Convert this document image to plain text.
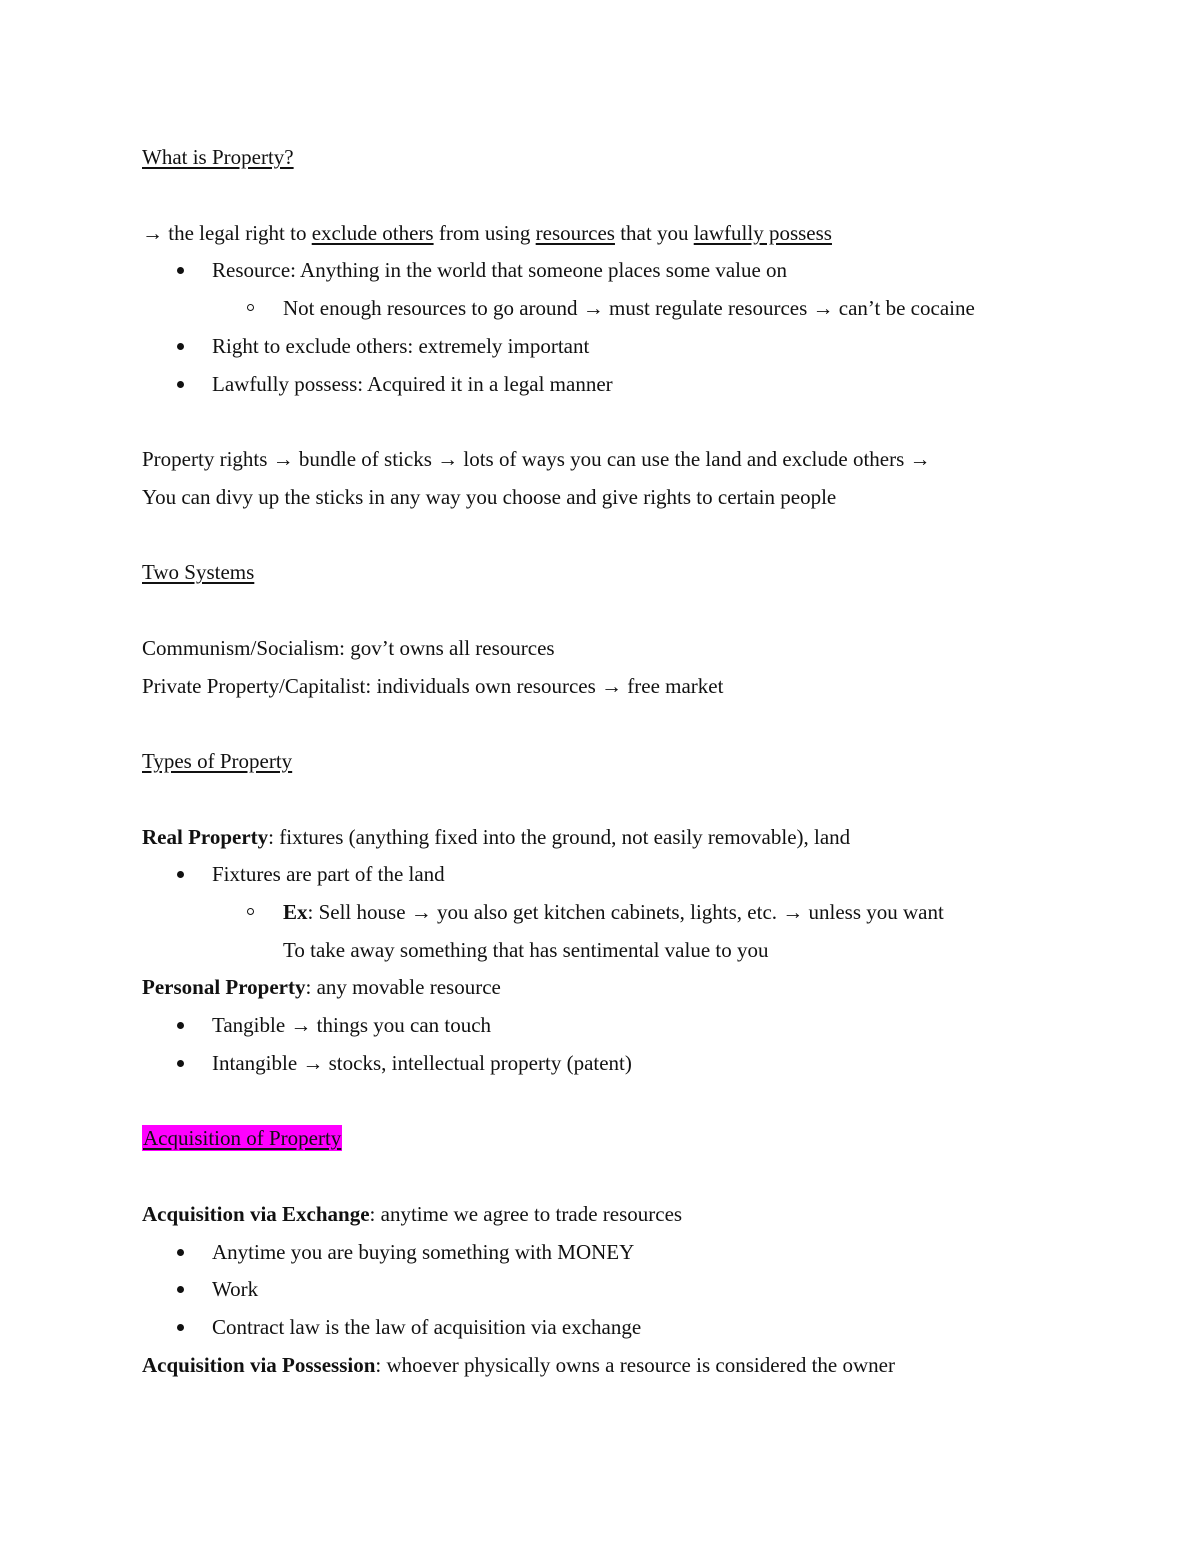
What is Property?
→ the legal right to exclude others from using resources that you lawfully possess
Resource: Anything in the world that someone places some value on
Not enough resources to go around → must regulate resources → can’t be cocaine
Right to exclude others: extremely important
Lawfully possess: Acquired it in a legal manner
Property rights → bundle of sticks → lots of ways you can use the land and exclude others →
You can divy up the sticks in any way you choose and give rights to certain people
Two Systems
Communism/Socialism: gov’t owns all resources
Private Property/Capitalist: individuals own resources → free market
Types of Property
Real Property: fixtures (anything fixed into the ground, not easily removable), land
Fixtures are part of the land
Ex: Sell house → you also get kitchen cabinets, lights, etc. → unless you want
To take away something that has sentimental value to you
Personal Property: any movable resource
Tangible → things you can touch
Intangible → stocks, intellectual property (patent)
Acquisition of Property
Acquisition via Exchange: anytime we agree to trade resources
Anytime you are buying something with MONEY
Work
Contract law is the law of acquisition via exchange
Acquisition via Possession: whoever physically owns a resource is considered the owner
